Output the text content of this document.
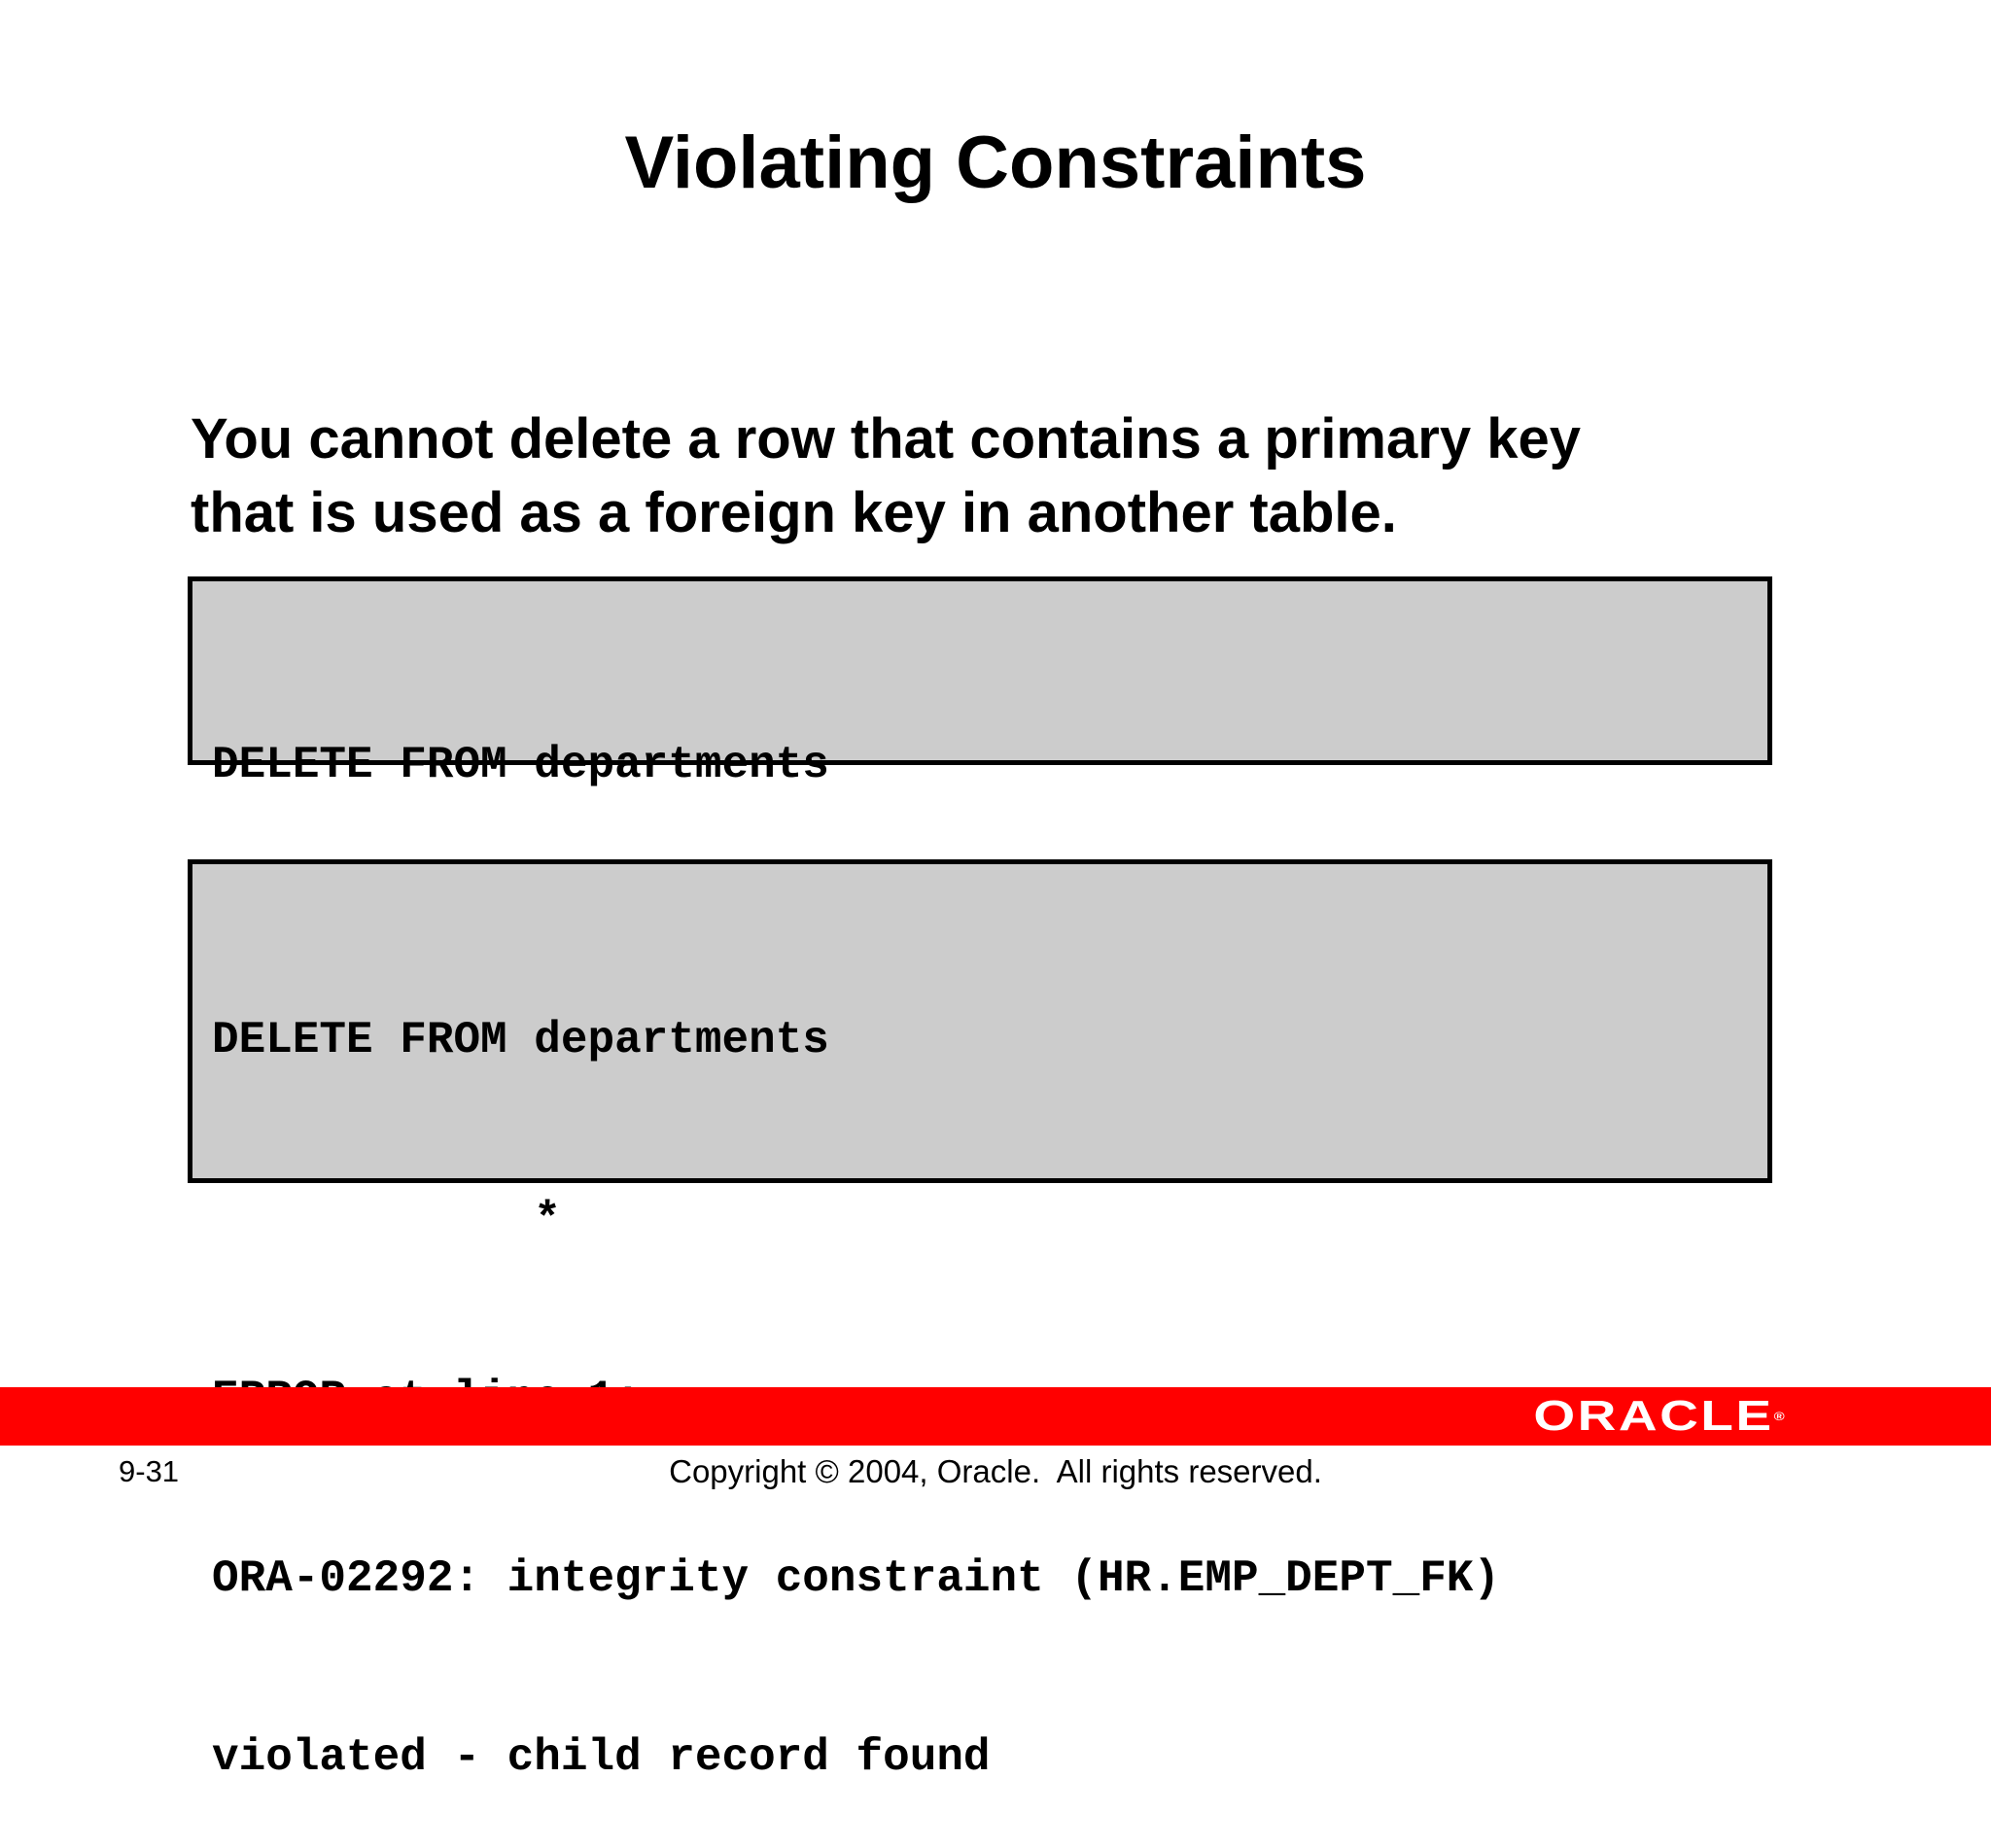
Violating Constraints
You cannot delete a row that contains a primary key
that is used as a foreign key in another table.

DELETE FROM departments

DELETE FROM departments

*

ORA-02292: integrity constraint (HR.EMP_DEPT_FK)

violated - child record found

ORACLE®
9-31	Copyright © 2004, Oracle.  All rights reserved.
